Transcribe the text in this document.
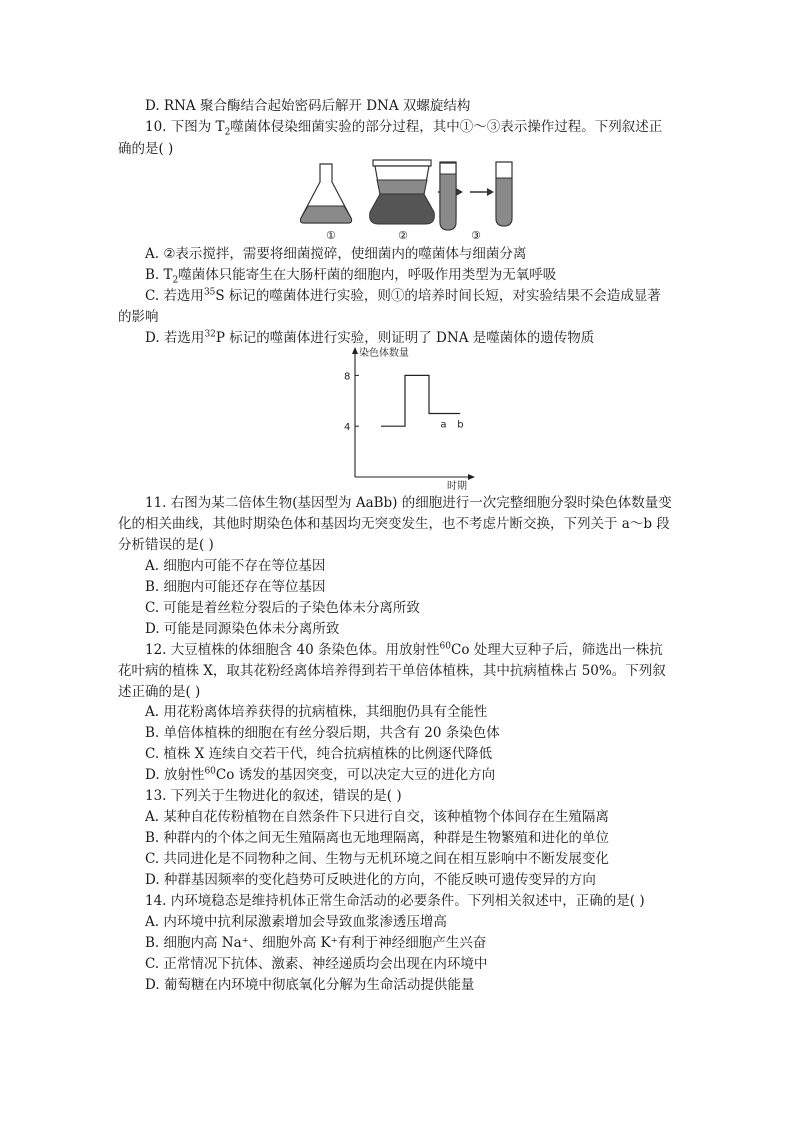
D. RNA 聚合酶结合起始密码后解开 DNA 双螺旋结构
10. 下图为 $T_2$噬菌体侵染细菌实验的部分过程，其中①～③表示操作过程。下列叙述正
确的是( )
①	②	③
A. ②表示搅拌，需要将细菌搅碎，使细菌内的噬菌体与细菌分离
B. $T_2$噬菌体只能寄生在大肠杆菌的细胞内，呼吸作用类型为无氧呼吸
C. 若选用$^{35}$S 标记的噬菌体进行实验，则①的培养时间长短，对实验结果不会造成显著
的影响
D. 若选用$^{32}$P 标记的噬菌体进行实验，则证明了 DNA 是噬菌体的遗传物质
染色体数量
时期
8
4	a b
11. 右图为某二倍体生物(基因型为 AaBb) 的细胞进行一次完整细胞分裂时染色体数量变
化的相关曲线，其他时期染色体和基因均无突变发生，也不考虑片断交换，下列关于 a～b 段
分析错误的是( )
A. 细胞内可能不存在等位基因
B. 细胞内可能还存在等位基因
C. 可能是着丝粒分裂后的子染色体未分离所致
D. 可能是同源染色体未分离所致
12. 大豆植株的体细胞含 40 条染色体。用放射性$^{60}$Co 处理大豆种子后，筛选出一株抗
花叶病的植株 X，取其花粉经离体培养得到若干单倍体植株，其中抗病植株占 50%。下列叙
述正确的是( )
A. 用花粉离体培养获得的抗病植株，其细胞仍具有全能性
B. 单倍体植株的细胞在有丝分裂后期，共含有 20 条染色体
C. 植株 X 连续自交若干代，纯合抗病植株的比例逐代降低
D. 放射性$^{60}$Co 诱发的基因突变，可以决定大豆的进化方向
13. 下列关于生物进化的叙述，错误的是( )
A. 某种自花传粉植物在自然条件下只进行自交，该种植物个体间存在生殖隔离
B. 种群内的个体之间无生殖隔离也无地理隔离，种群是生物繁殖和进化的单位
C. 共同进化是不同物种之间、生物与无机环境之间在相互影响中不断发展变化
D. 种群基因频率的变化趋势可反映进化的方向，不能反映可遗传变异的方向
14. 内环境稳态是维持机体正常生命活动的必要条件。下列相关叙述中，正确的是( )
A. 内环境中抗利尿激素增加会导致血浆渗透压增高
B. 细胞内高 Na⁺、细胞外高 K⁺有利于神经细胞产生兴奋
C. 正常情况下抗体、激素、神经递质均会出现在内环境中
D. 葡萄糖在内环境中彻底氧化分解为生命活动提供能量
